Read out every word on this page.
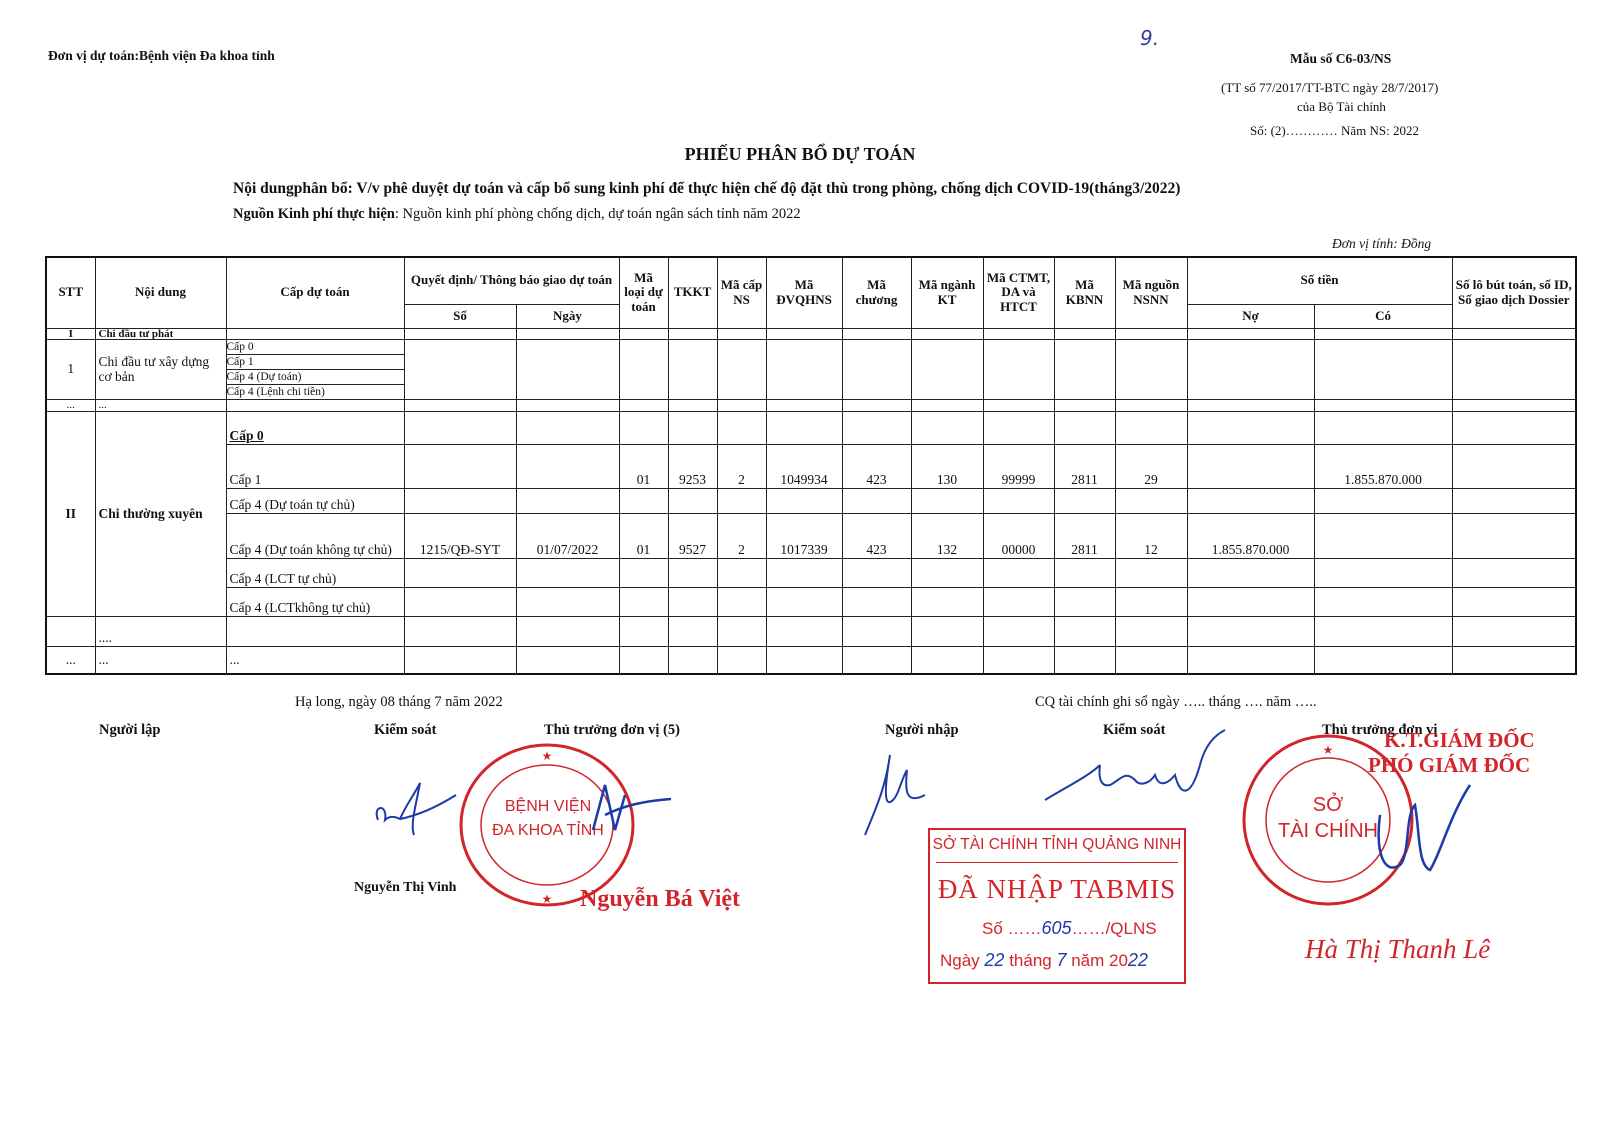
Đơn vị dự toán:Bệnh viện Đa khoa tỉnh
9.
Mẫu số C6-03/NS
(TT số 77/2017/TT-BTC ngày 28/7/2017)
của Bộ Tài chính
Số: (2)………… Năm NS: 2022
PHIẾU PHÂN BỔ DỰ TOÁN
Nội dungphân bổ: V/v phê duyệt dự toán và cấp bổ sung kinh phí để thực hiện chế độ đặt thù trong phòng, chống dịch COVID-19(tháng3/2022)
Nguồn Kinh phí thực hiện: Nguồn kinh phí phòng chống dịch, dự toán ngân sách tỉnh năm 2022
Đơn vị tính: Đồng
STT	Nội dung	Cấp dự toán	Quyết định/ Thông báo giao dự toán		Mã loại dự toán	TKKT	Mã cấp NS	Mã ĐVQHNS	Mã chương	Mã ngành KT	Mã CTMT, DA và HTCT	Mã KBNN	Mã nguồn NSNN	Số tiền		Số lô bút toán, số ID, Số giao dịch Dossier
			Số	Ngày										Nợ	Có	
I	Chi đầu tư phát															
1	Chi đầu tư xây dựng cơ bản	Cấp 0
Cấp 1
Cấp 4 (Dự toán)
Cấp 4 (Lệnh chi tiền)														

...	...															
II	Chi thường xuyên	Cấp 0														
		Cấp 1			01	9253	2	1049934	423	130	99999	2811	29		1.855.870.000	
		Cấp 4 (Dự toán tự chủ)														
		Cấp 4 (Dự toán không tự chủ)	1215/QĐ-SYT	01/07/2022	01	9527	2	1017339	423	132	00000	2811	12	1.855.870.000		
		Cấp 4 (LCT tự chủ)														
		Cấp 4 (LCTkhông tự chủ)														
	....															
...	...	...														
Hạ long, ngày 08 tháng 7 năm 2022	CQ tài chính ghi sổ ngày ….. tháng …. năm …..
Người lập	Kiểm soát	Thủ trưởng đơn vị (5)	Người nhập	Kiểm soát	Thủ trưởng đơn vị
K.T.GIÁM ĐỐC
PHÓ GIÁM ĐỐC
★
★
BỆNH VIỆN
ĐA KHOA TỈNH
★
SỞ
TÀI CHÍNH
SỞ TÀI CHÍNH TỈNH QUẢNG NINH
ĐÃ NHẬP TABMIS
Số ……605……/QLNS
Ngày 22 tháng 7 năm 2022
Nguyễn Thị Vinh	Nguyễn Bá Việt
Hà Thị Thanh Lê
